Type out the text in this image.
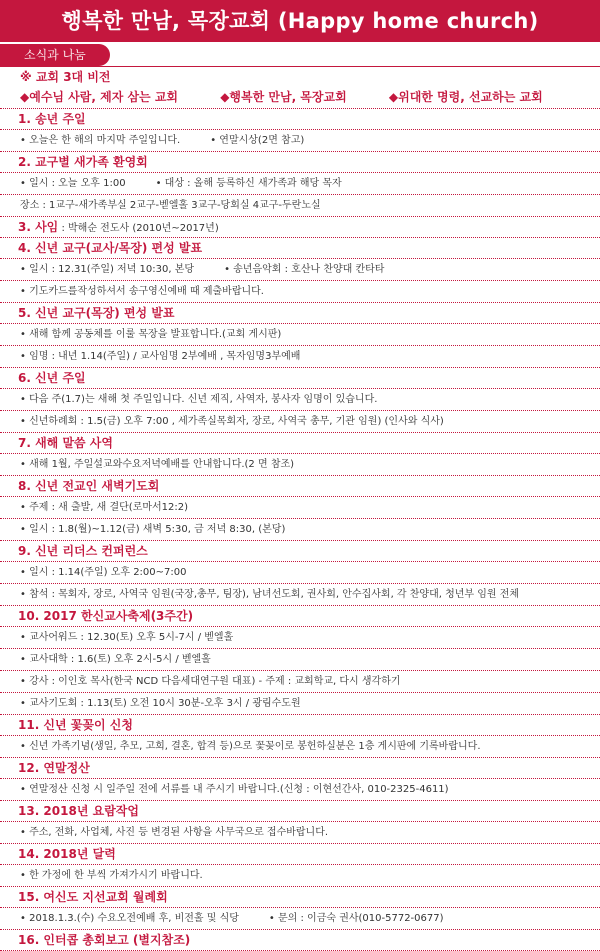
행복한 만남, 목장교회 (Happy home church)
소식과 나눔
※ 교회 3대 비전
◆예수님 사람, 제자 삼는 교회	◆행복한 만남, 목장교회	◆위대한 명령, 선교하는 교회
1. 송년 주일
• 오늘은 한 해의 마지막 주일입니다.	• 연말시상(2면 참고)
2. 교구별 새가족 환영회
• 일시 : 오늘 오후 1:00	• 대상 : 올해 등록하신 새가족과 해당 목자
장소 : 1교구-새가족부실 2교구-벧엘홀 3교구-당회실 4교구-두란노실
3. 사임 : 박해순 전도사 (2010년~2017년)
4. 신년 교구(교사/목장) 편성 발표
• 일시 : 12.31(주일) 저녁 10:30, 본당	• 송년음악회 : 호산나 찬양대 칸타타
• 기도카드를작성하셔서 송구영신예배 때 제출바랍니다.
5. 신년 교구(목장) 편성 발표
• 새해 함께 공동체를 이룰 목장을 발표합니다.(교회 게시판)
• 임명 : 내년 1.14(주일) / 교사임명 2부예배 , 목자임명3부예배
6. 신년 주일
• 다음 주(1.7)는 새해 첫 주일입니다. 신년 제직, 사역자, 봉사자 임명이 있습니다.
• 신년하례회 : 1.5(금) 오후 7:00 , 세가족실목회자, 장로, 사역국 총무, 기관 임원) (인사와 식사)
7. 새해 말씀 사역
• 새해 1월, 주일설교와수요저녁예배를 안내합니다.(2 면 참조)
8. 신년 전교인 새벽기도회
• 주제 : 새 출발, 새 결단(로마서12:2)
• 일시 : 1.8(월)~1.12(금) 새벽 5:30, 금 저녁 8:30, (본당)
9. 신년 리더스 컨퍼런스
• 일시 : 1.14(주일) 오후 2:00~7:00
• 참석 : 목회자, 장로, 사역국 임원(국장,총무, 팀장), 남녀선도회, 권사회, 안수집사회, 각 찬양대, 청년부 임원 전체
10. 2017 한신교사축제(3주간)
• 교사어워드 : 12.30(토) 오후 5시-7시 / 벧엘홀
• 교사대학 : 1.6(토) 오후 2시-5시 / 벧엘홀
• 강사 : 이인호 목사(한국 NCD 다음세대연구원 대표) - 주제 : 교회학교, 다시 생각하기
• 교사기도회 : 1.13(토) 오전 10시 30분-오후 3시 / 광림수도원
11. 신년 꽃꽂이 신청
• 신년 가족기념(생일, 추모, 고희, 결혼, 합격 등)으로 꽃꽂이로 봉헌하실분은 1층 게시판에 기록바랍니다.
12. 연말정산
• 연말정산 신청 시 일주일 전에 서류를 내 주시기 바랍니다.(신청 : 이현선간사, 010-2325-4611)
13. 2018년 요람작업
• 주소, 전화, 사업체, 사진 등 변경된 사항을 사무국으로 접수바랍니다.
14. 2018년 달력
• 한 가정에 한 부씩 가져가시기 바랍니다.
15. 여신도 지선교회 월례회
• 2018.1.3.(수) 수요오전예배 후, 비전홀 및 식당	• 문의 : 이금숙 권사(010-5772-0677)
16. 인터콥 총회보고 (별지참조)
